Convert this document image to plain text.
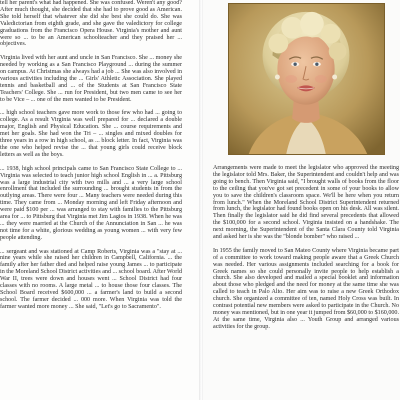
tell her parent's what had happened. She was confused. Weren't any good? After much thought, she decided that she had to prove good as American. She told herself that whatever she did she best she could do. She was Valedictorian from eighth grade, and she gave the valedictory for college graduations from the Francisco Opera House. Virginia's mother and aunt were so ... to be an American schoolteacher and they praised her ... objectives.

Virginia lived with her aunt and uncle in San Francisco. She ... money she needed by working as a San Francisco Playground ... during the summer on campus. At Christmas she always had a job ... She was also involved in various activities including the ... Girls' Athletic Association. She played tennis and basketball and ... of the Students at San Francisco State Teachers' College. She ... run for President, but two men came to see her to be Vice – ... one of the men wanted to be President.

... high school teachers gave more work to those few who had ... going to college. As a result Virginia was well prepared for ... declared a double major, English and Physical Education. She ... course requirements and met her goals. She had won the Tri – ... singles and mixed doubles for three years in a row in high school, as ... block letter. In fact, Virginia was the one who helped revise the ... that young girls could receive block letters as well as the boys.

... 1938, high school principals came to San Francisco State College to ... Virginia was selected to teach junior high school English in ... a. Pittsburg was a large industrial city with two mills and ... a very large school enrollment that included the surrounding ... brought students in from the outlying areas. There were four ... Many teachers were needed during this time. They came from ... Monday morning and left Friday afternoon and were paid $100 per ... was arranged to stay with families to the Pittsburg area for ... to Pittsburg that Virginia met Jim Lagios in 1938. When he was ... they were married at the Church of the Annunciation in San ... he was not time for a white, glorious wedding as young women ... with very few people attending.

... sergeant and was stationed at Camp Roberts, Virginia was a "stay at ... nine years while she raised her children in Campbell, California. ... the family after her father died and helped raise young James ... to participate in the Moreland School District activities and ... school board. After World War II, trees were down and houses went ... School District had four classes with no rooms. A large metal ... to house those four classes. The School Board received $600,000 ... a farmer's land to build a second school. The farmer decided ... 000 more. When Virginia was told the farmer wanted more money ... She said, "Let's go to Sacramento".

Arrangements were made to meet the legislator who approved the meeting the legislator told Mrs. Baker, the Superintendent and couldn't help and was going to bench. Then Virginia said, "I brought walls of books from the floor to the ceiling that you've got set precedent in some of your books to allow you to save the children's classroom space. We'll be here when you return from lunch." When the Moreland School District Superintendent returned from lunch, the legislator had found books open on his desk. All was silent. Then finally the legislator said he did find several precedents that allowed the $100,000 for a second school. Virginia insisted on a handshake. The next morning, the Superintendent of the Santa Clara County told Virginia and asked her is she was the "blonde bomber" who raised ...

In 1955 the family moved to San Mateo County where Virginia became part of a committee to work toward making people aware that a Greek Church was needed. Her various assignments included searching for a book for Greek names so she could personally invite people to help establish a church. She also developed and mailed a special booklet and information about those who pledged and the need for money at the same time she was called to teach in Palo Alto. Her aim was to raise a new Greek Orthodox church. She organized a committee of ten, named Holy Cross was built. In contrast potential new members were asked to participate in the Church. No money was mentioned, but in one year it jumped from $60,000 to $160,000. At the same time, Virginia also ... Youth Group and arranged various activities for the group.
